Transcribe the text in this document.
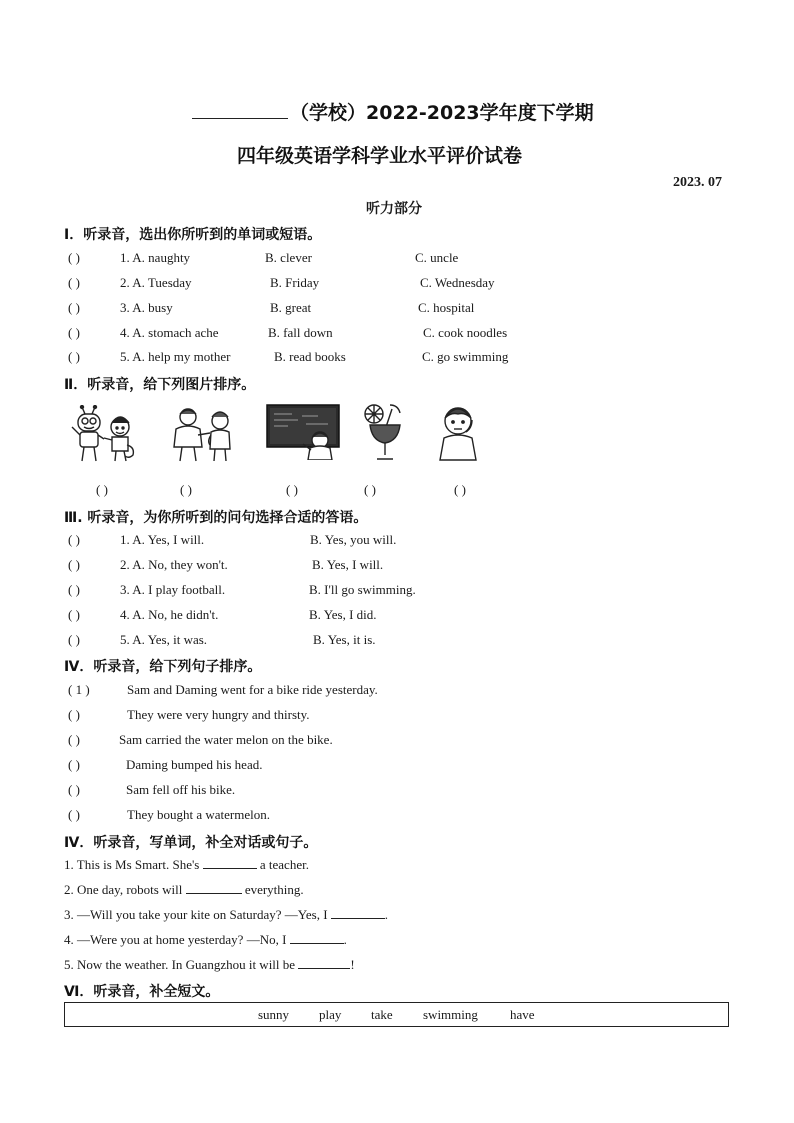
（学校）2022-2023学年度下学期
四年级英语学科学业水平评价试卷
2023. 07
听力部分
Ⅰ．听录音，选出你所听到的单词或短语。
( )	1. A. naughty	B. clever	C. uncle
( )	2. A. Tuesday	B. Friday	C. Wednesday
( )	3. A. busy	B. great	C. hospital
( )	4. A. stomach ache	B. fall down	C. cook noodles
( )	5. A. help my mother	B. read books	C. go swimming
Ⅱ．听录音，给下列图片排序。
( )	( )	( )	( )	( )
Ⅲ. 听录音，为你所听到的问句选择合适的答语。
( )	1. A. Yes, I will.	B. Yes, you will.
( )	2. A. No, they won't.	B. Yes, I will.
( )	3. A. I play football.	B. I'll go swimming.
( )	4. A. No, he didn't.	B. Yes, I did.
( )	5. A. Yes, it was.	B. Yes, it is.
Ⅳ．听录音，给下列句子排序。
( 1 )	Sam and Daming went for a bike ride yesterday.
( )	They were very hungry and thirsty.
( )	Sam carried the water melon on the bike.
( )	Daming bumped his head.
( )	Sam fell off his bike.
( )	They bought a watermelon.
Ⅳ．听录音，写单词，补全对话或句子。
1. This is Ms Smart. She's	a teacher.
2. One day, robots will	everything.
3. —Will you take your kite on Saturday? —Yes, I	.
4. —Were you at home yesterday? —No, I	.
5. Now the weather. In Guangzhou it will be	!
Ⅵ．听录音，补全短文。
sunny play take swimming have
